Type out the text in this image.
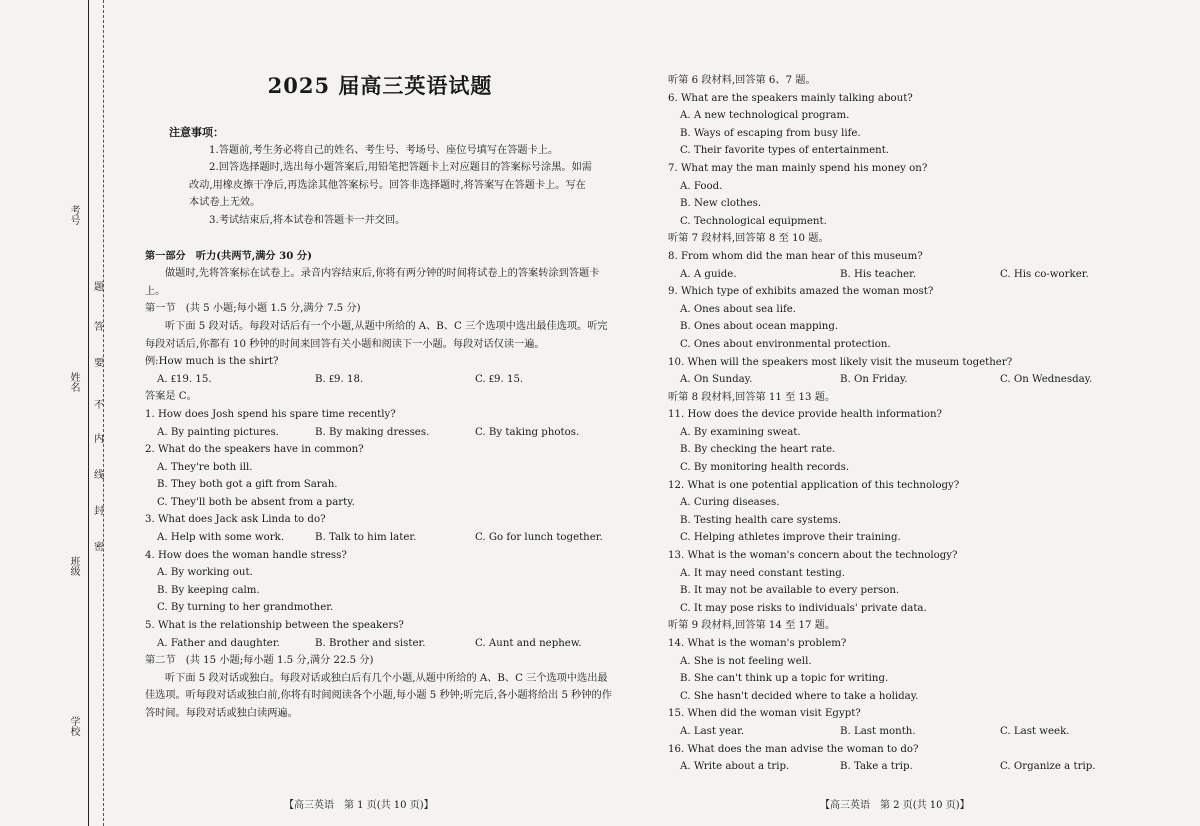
考号
姓名
班级
学校
题
答
要
不
内
线
封
密
2025 届高三英语试题
注意事项：
1.答题前,考生务必将自己的姓名、考生号、考场号、座位号填写在答题卡上。
2.回答选择题时,选出每小题答案后,用铅笔把答题卡上对应题目的答案标号涂黑。如需改动,用橡皮擦干净后,再选涂其他答案标号。回答非选择题时,将答案写在答题卡上。写在本试卷上无效。
3.考试结束后,将本试卷和答题卡一并交回。
第一部分　听力(共两节,满分 30 分)
做题时,先将答案标在试卷上。录音内容结束后,你将有两分钟的时间将试卷上的答案转涂到答题卡上。
第一节　(共 5 小题;每小题 1.5 分,满分 7.5 分)
听下面 5 段对话。每段对话后有一个小题,从题中所给的 A、B、C 三个选项中选出最佳选项。听完每段对话后,你都有 10 秒钟的时间来回答有关小题和阅读下一小题。每段对话仅读一遍。
例:How much is the shirt?
A. ₤19. 15.	B. ₤9. 18.	C. ₤9. 15.
答案是 C。
1. How does Josh spend his spare time recently?
A. By painting pictures.	B. By making dresses.	C. By taking photos.
2. What do the speakers have in common?
A. They're both ill.
B. They both got a gift from Sarah.
C. They'll both be absent from a party.
3. What does Jack ask Linda to do?
A. Help with some work.	B. Talk to him later.	C. Go for lunch together.
4. How does the woman handle stress?
A. By working out.
B. By keeping calm.
C. By turning to her grandmother.
5. What is the relationship between the speakers?
A. Father and daughter.	B. Brother and sister.	C. Aunt and nephew.
第二节　(共 15 小题;每小题 1.5 分,满分 22.5 分)
听下面 5 段对话或独白。每段对话或独白后有几个小题,从题中所给的 A、B、C 三个选项中选出最佳选项。听每段对话或独白前,你将有时间阅读各个小题,每小题 5 秒钟;听完后,各小题将给出 5 秒钟的作答时间。每段对话或独白读两遍。
听第 6 段材料,回答第 6、7 题。
6. What are the speakers mainly talking about?
A. A new technological program.
B. Ways of escaping from busy life.
C. Their favorite types of entertainment.
7. What may the man mainly spend his money on?
A. Food.
B. New clothes.
C. Technological equipment.
听第 7 段材料,回答第 8 至 10 题。
8. From whom did the man hear of this museum?
A. A guide.	B. His teacher.	C. His co-worker.
9. Which type of exhibits amazed the woman most?
A. Ones about sea life.
B. Ones about ocean mapping.
C. Ones about environmental protection.
10. When will the speakers most likely visit the museum together?
A. On Sunday.	B. On Friday.	C. On Wednesday.
听第 8 段材料,回答第 11 至 13 题。
11. How does the device provide health information?
A. By examining sweat.
B. By checking the heart rate.
C. By monitoring health records.
12. What is one potential application of this technology?
A. Curing diseases.
B. Testing health care systems.
C. Helping athletes improve their training.
13. What is the woman's concern about the technology?
A. It may need constant testing.
B. It may not be available to every person.
C. It may pose risks to individuals' private data.
听第 9 段材料,回答第 14 至 17 题。
14. What is the woman's problem?
A. She is not feeling well.
B. She can't think up a topic for writing.
C. She hasn't decided where to take a holiday.
15. When did the woman visit Egypt?
A. Last year.	B. Last month.	C. Last week.
16. What does the man advise the woman to do?
A. Write about a trip.	B. Take a trip.	C. Organize a trip.
【高三英语　第 1 页(共 10 页)】	【高三英语　第 2 页(共 10 页)】
